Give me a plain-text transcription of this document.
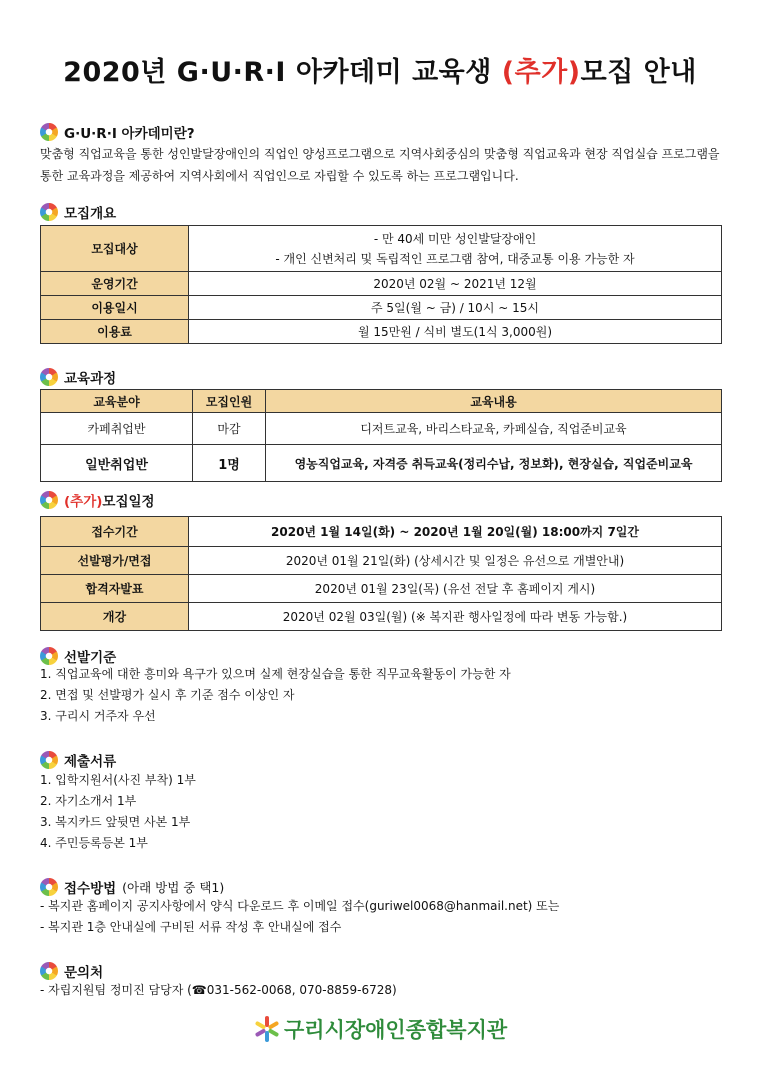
2020년 G·U·R·I 아카데미 교육생 (추가)모집 안내
G·U·R·I 아카데미란?
맞춤형 직업교육을 통한 성인발달장애인의 직업인 양성프로그램으로 지역사회중심의 맞춤형 직업교육과 현장 직업실습 프로그램을 통한 교육과정을 제공하여 지역사회에서 직업인으로 자립할 수 있도록 하는 프로그램입니다.
모집개요
모집대상	- 만 40세 미만 성인발달장애인
- 개인 신변처리 및 독립적인 프로그램 참여, 대중교통 이용 가능한 자

운영기간	2020년 02월 ~ 2021년 12월
이용일시	주 5일(월 ~ 금) / 10시 ~ 15시
이용료	월 15만원 / 식비 별도(1식 3,000원)
교육과정
교육분야	모집인원	교육내용
카페취업반	마감	디저트교육, 바리스타교육, 카페실습, 직업준비교육
일반취업반	1명	영농직업교육, 자격증 취득교육(정리수납, 정보화), 현장실습, 직업준비교육
(추가)모집일정
접수기간	2020년 1월 14일(화) ~ 2020년 1월 20일(월) 18:00까지 7일간
선발평가/면접	2020년 01월 21일(화) (상세시간 및 일정은 유선으로 개별안내)
합격자발표	2020년 01월 23일(목) (유선 전달 후 홈페이지 게시)
개강	2020년 02월 03일(월) (※ 복지관 행사일정에 따라 변동 가능함.)
선발기준
1. 직업교육에 대한 흥미와 욕구가 있으며 실제 현장실습을 통한 직무교육활동이 가능한 자
2. 면접 및 선발평가 실시 후 기준 점수 이상인 자
3. 구리시 거주자 우선
제출서류
1. 입학지원서(사진 부착) 1부
2. 자기소개서 1부
3. 복지카드 앞뒷면 사본 1부
4. 주민등록등본 1부
접수방법 (아래 방법 중 택1)
- 복지관 홈페이지 공지사항에서 양식 다운로드 후 이메일 접수(guriwel0068@hanmail.net) 또는
- 복지관 1층 안내실에 구비된 서류 작성 후 안내실에 접수
문의처
- 자립지원팀 정미진 담당자 (☎031-562-0068, 070-8859-6728)
구리시장애인종합복지관
